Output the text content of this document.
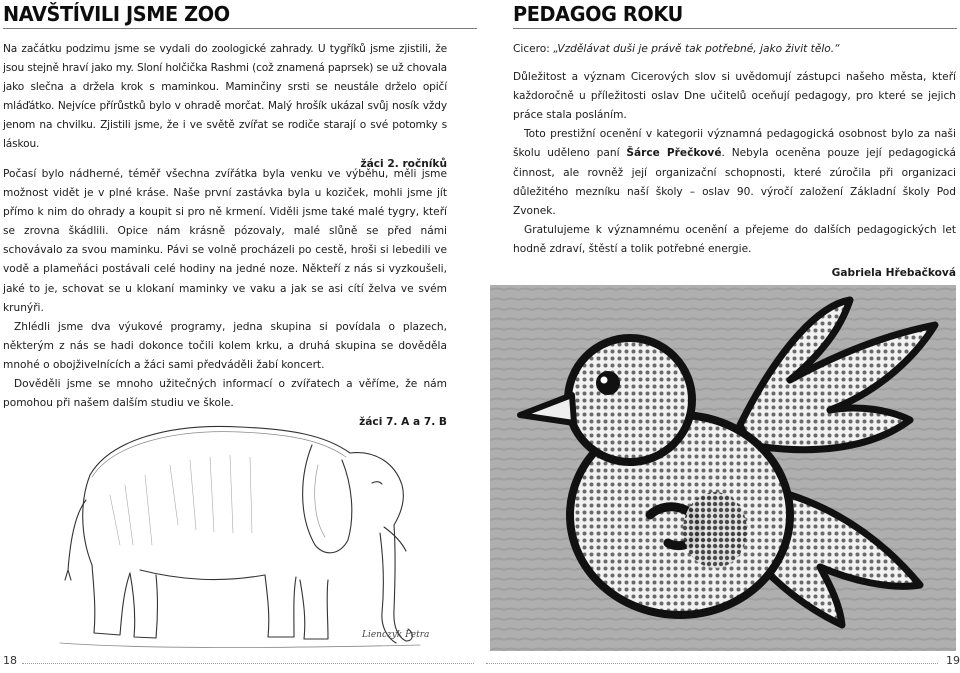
NAVŠTÍVILI JSME ZOO

Na začátku podzimu jsme se vydali do zoologické zahrady. U tygříků jsme zjistili, že jsou stejně hraví jako my. Sloní holčička Rashmi (což znamená paprsek) se už chovala jako slečna a držela krok s maminkou. Maminčiny srsti se neustále drželo opičí mláďátko. Nejvíce přírůstků bylo v ohradě morčat. Malý hrošík ukázal svůj nosík vždy jenom na chvilku. Zjistili jsme, že i ve světě zvířat se rodiče starají o své potomky s láskou.

žáci 2. ročníků

Počasí bylo nádherné, téměř všechna zvířátka byla venku ve výběhu, měli jsme možnost vidět je v plné kráse. Naše první zastávka byla u koziček, mohli jsme jít přímo k nim do ohrady a koupit si pro ně krmení. Viděli jsme také malé tygry, kteří se zrovna škádlili. Opice nám krásně pózovaly, malé slůně se před námi schovávalo za svou maminku. Pávi se volně procházeli po cestě, hroši si lebedili ve vodě a plameňáci postávali celé hodiny na jedné noze. Někteří z nás si vyzkoušeli, jaké to je, schovat se u klokaní maminky ve vaku a jak se asi cítí želva ve svém krunýři.

Zhlédli jsme dva výukové programy, jedna skupina si povídala o plazech, některým z nás se hadi dokonce točili kolem krku, a druhá skupina se dověděla mnohé o obojživelnících a žáci sami předváděli žabí koncert.

Dověděli jsme se mnoho užitečných informací o zvířatech a věříme, že nám pomohou při našem dalším studiu ve škole.

žáci 7. A a 7. B

Lienczyk Petra
18
PEDAGOG ROKU

Cicero: „Vzdělávat duši je právě tak potřebné, jako živit tělo.“

Důležitost a význam Cicerových slov si uvědomují zástupci našeho města, kteří každoročně u příležitosti oslav Dne učitelů oceňují pedagogy, pro které se jejich práce stala posláním.

Toto prestižní ocenění v kategorii významná pedagogická osobnost bylo za naši školu uděleno paní Šárce Přečkové. Nebyla oceněna pouze její pedagogická činnost, ale rovněž její organizační schopnosti, které zúročila při organizaci důležitého mezníku naší školy – oslav 90. výročí založení Základní školy Pod Zvonek.

Gratulujeme k významnému ocenění a přejeme do dalších pedagogických let hodně zdraví, štěstí a tolik potřebné energie.

Gabriela Hřebačková

19
